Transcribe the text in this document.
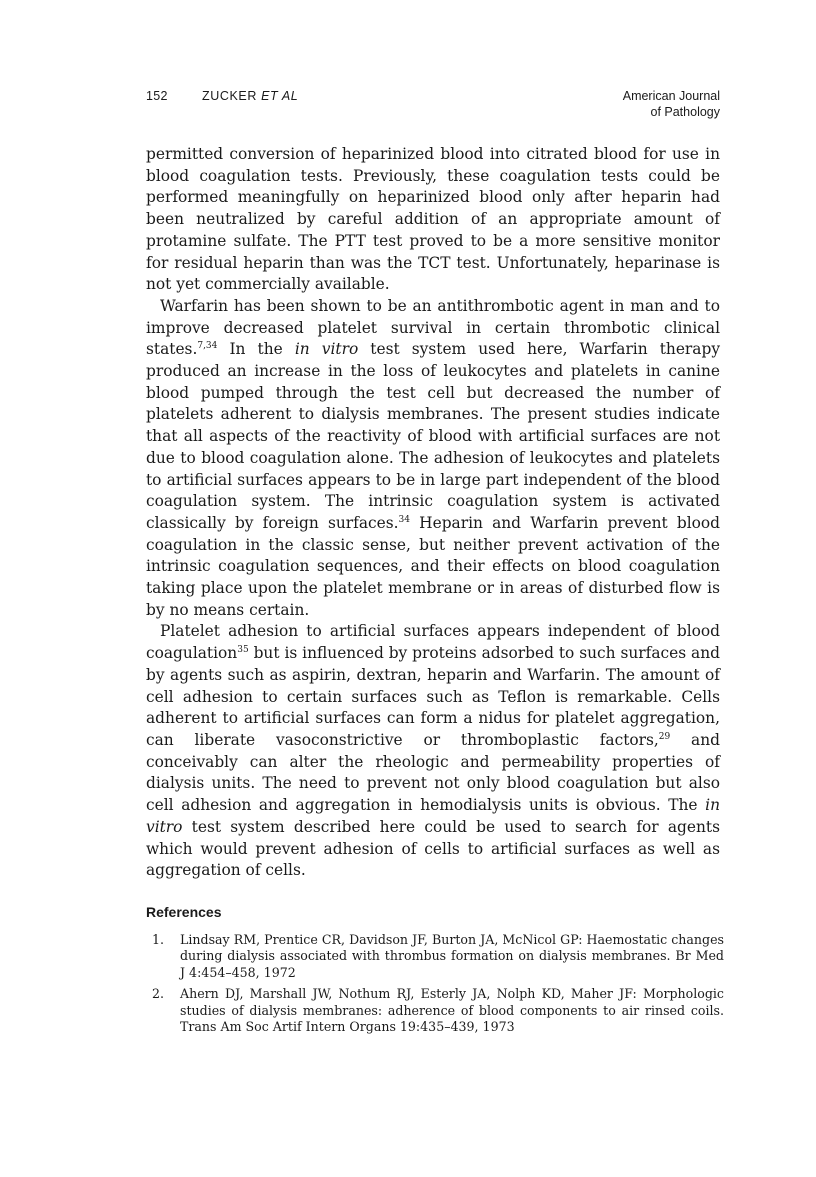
152	ZUCKER ET AL	American Journal
of Pathology

permitted conversion of heparinized blood into citrated blood for use in blood coagulation tests. Previously, these coagulation tests could be performed meaningfully on heparinized blood only after heparin had been neutralized by careful addition of an appropriate amount of protamine sulfate. The PTT test proved to be a more sensitive monitor for residual heparin than was the TCT test. Unfortunately, heparinase is not yet commercially available.

Warfarin has been shown to be an antithrombotic agent in man and to improve decreased platelet survival in certain thrombotic clinical states.$^{7,34}$ In the in vitro test system used here, Warfarin therapy produced an increase in the loss of leukocytes and platelets in canine blood pumped through the test cell but decreased the number of platelets adherent to dialysis membranes. The present studies indicate that all aspects of the reactivity of blood with artificial surfaces are not due to blood coagulation alone. The adhesion of leukocytes and platelets to artificial surfaces appears to be in large part independent of the blood coagulation system. The intrinsic coagulation system is activated classically by foreign surfaces.$^{34}$ Heparin and Warfarin prevent blood coagulation in the classic sense, but neither prevent activation of the intrinsic coagulation sequences, and their effects on blood coagulation taking place upon the platelet membrane or in areas of disturbed flow is by no means certain.

Platelet adhesion to artificial surfaces appears independent of blood coagulation$^{35}$ but is influenced by proteins adsorbed to such surfaces and by agents such as aspirin, dextran, heparin and Warfarin. The amount of cell adhesion to certain surfaces such as Teflon is remarkable. Cells adherent to artificial surfaces can form a nidus for platelet aggregation, can liberate vasoconstrictive or thromboplastic factors,$^{29}$ and conceivably can alter the rheologic and permeability properties of dialysis units. The need to prevent not only blood coagulation but also cell adhesion and aggregation in hemodialysis units is obvious. The in vitro test system described here could be used to search for agents which would prevent adhesion of cells to artificial surfaces as well as aggregation of cells.

References
1. Lindsay RM, Prentice CR, Davidson JF, Burton JA, McNicol GP: Haemostatic changes during dialysis associated with thrombus formation on dialysis membranes. Br Med J 4:454–458, 1972
2. Ahern DJ, Marshall JW, Nothum RJ, Esterly JA, Nolph KD, Maher JF: Morphologic studies of dialysis membranes: adherence of blood components to air rinsed coils. Trans Am Soc Artif Intern Organs 19:435–439, 1973
